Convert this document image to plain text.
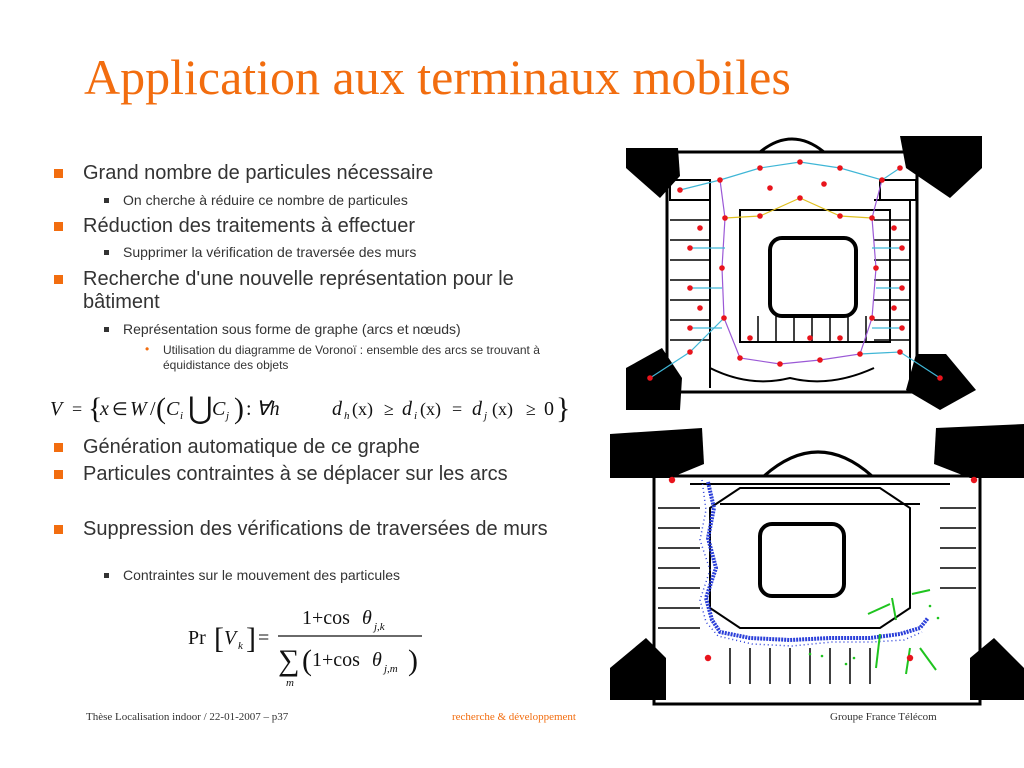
Application aux terminaux mobiles
Grand nombre de particules nécessaire
On cherche à réduire ce nombre de particules
Réduction des traitements à effectuer
Supprimer la vérification de traversée des murs
Recherche d'une nouvelle représentation pour le bâtiment
Représentation sous forme de graphe (arcs et nœuds)
• Utilisation du diagramme de Voronoï : ensemble des arcs se trouvant à équidistance des objets
Génération automatique de ce graphe
Particules contraintes à se déplacer sur les arcs
Suppression des vérifications de traversées de murs
Contraintes sur le mouvement des particules
V = {
x ∈ W / ( C i ⋃ C j ) : ∀h	d h (x) ≥ d i (x) = d j (x) ≥ 0 }
Pr [ V k ] =
1+cos θ j,k
∑
m
( 1+cos θ j,m )
Thèse Localisation indoor / 22-01-2007 – p37	recherche & développement	Groupe France Télécom
